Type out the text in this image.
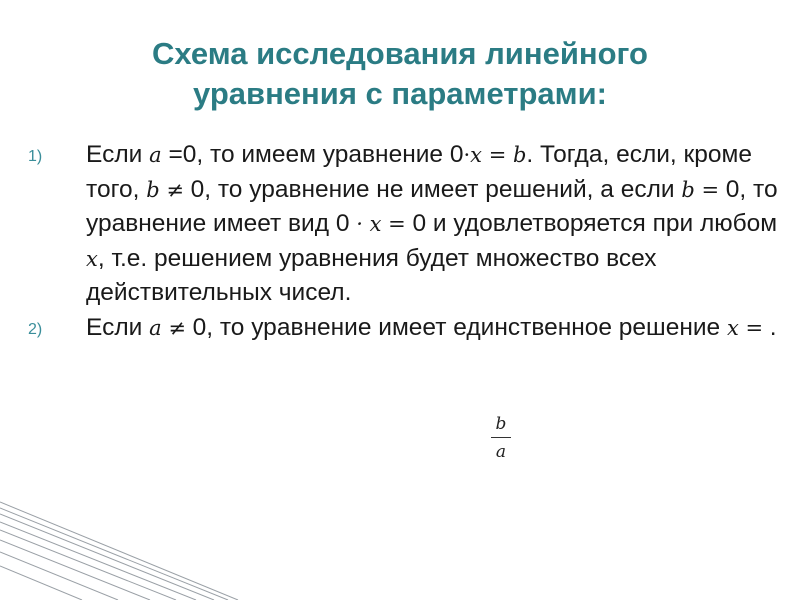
Схема исследования линейного
уравнения с параметрами:
1) Если a =0, то имеем уравнение 0·x = b. Тогда, если, кроме того, b ≠ 0, то уравнение не имеет решений, а если b = 0, то уравнение имеет вид 0 · x = 0 и удовлетворяется при любом x, т.е. решением уравнения будет множество всех действительных чисел.
2) Если a ≠ 0, то уравнение имеет единственное решение x = .
b
a
